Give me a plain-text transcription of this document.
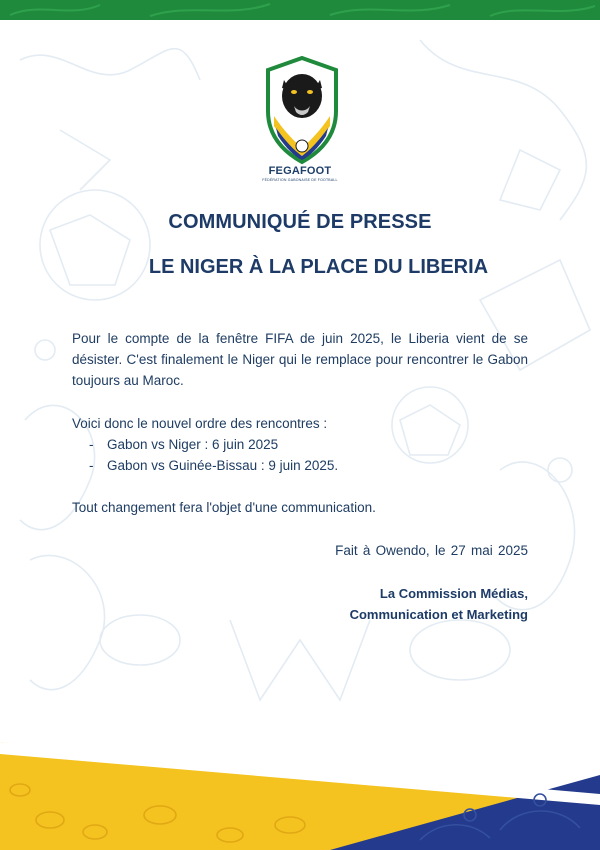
FEGAFOOT
FÉDÉRATION GABONAISE DE FOOTBALL
COMMUNIQUÉ DE PRESSE
LE NIGER À LA PLACE DU LIBERIA
Pour le compte de la fenêtre FIFA de juin 2025, le Liberia vient de se désister. C'est finalement le Niger qui le remplace pour rencontrer le Gabon toujours au Maroc.
Voici donc le nouvel ordre des rencontres :
-	Gabon vs Niger : 6 juin 2025
-	Gabon vs Guinée-Bissau : 9 juin 2025.
Tout changement fera l'objet d'une communication.
Fait à Owendo, le 27 mai 2025
La Commission Médias,
Communication et Marketing
